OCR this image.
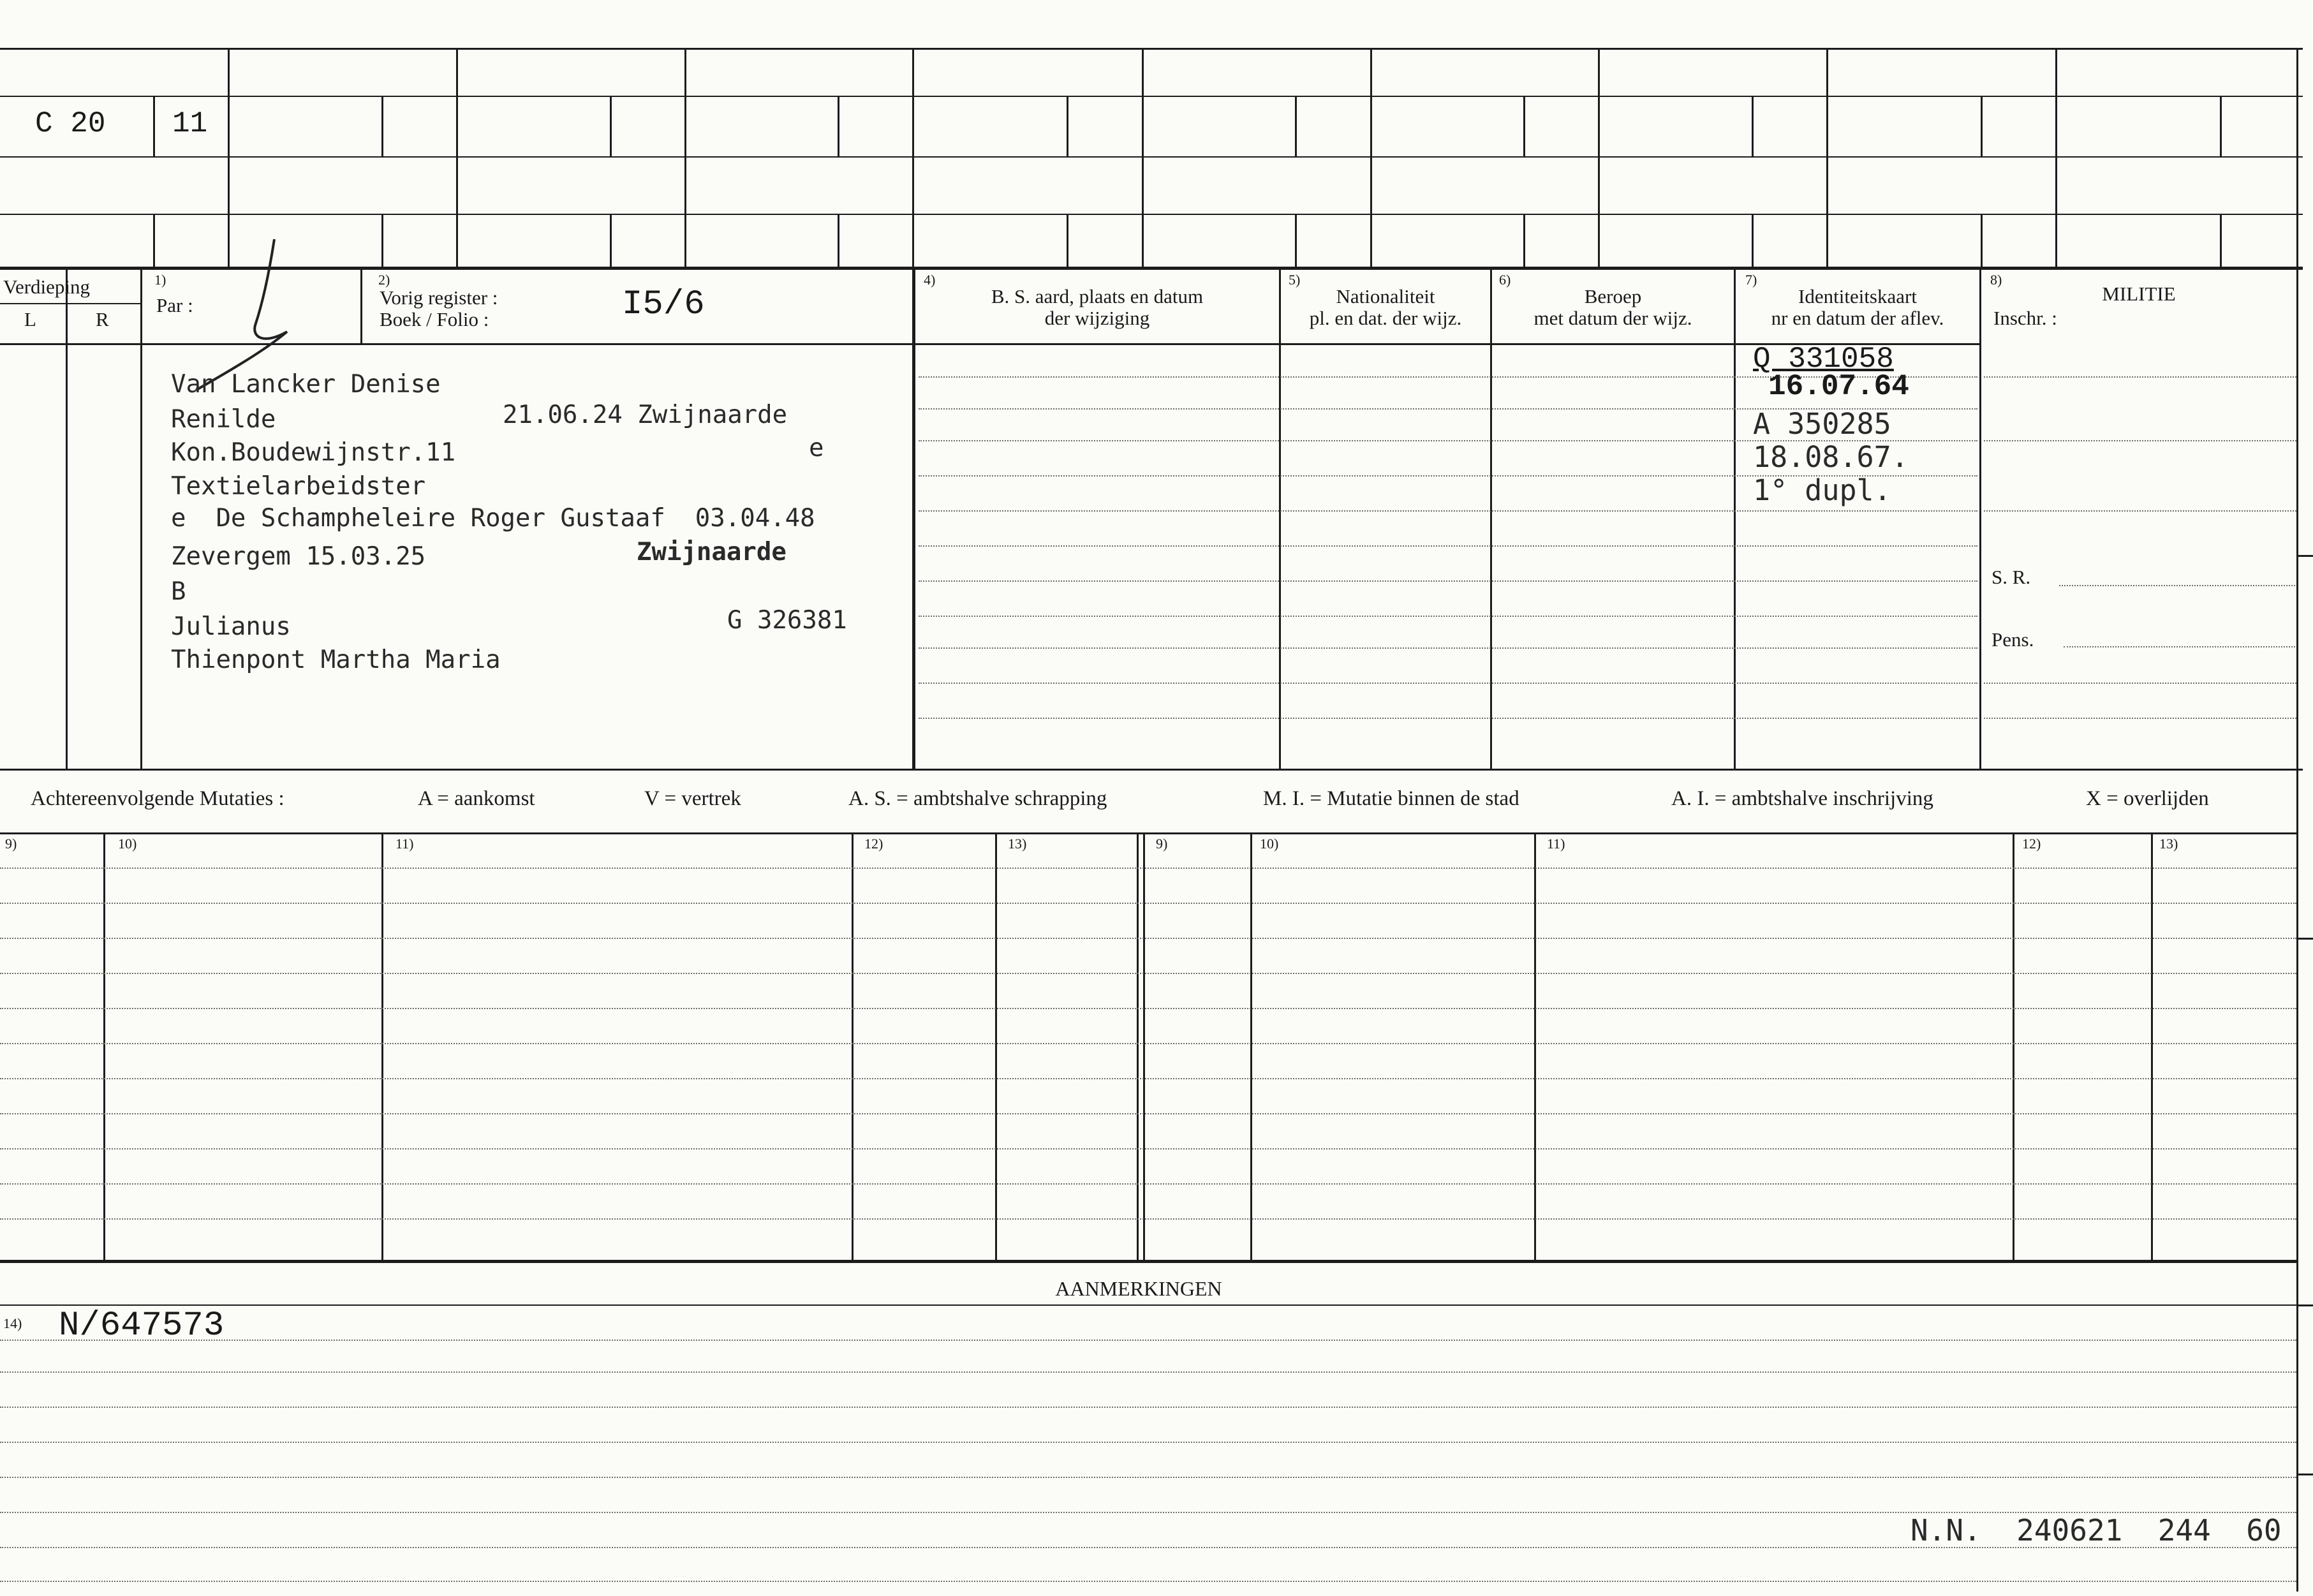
C 20 11
Verdieping
L	R
1)
Par :
2)
Vorig register :
Boek / Folio :	I5/6
4)
B. S. aard, plaats en datum
der wijziging
5)
Nationaliteit
pl. en dat. der wijz.
6)
Beroep
met datum der wijz.
7)
Identiteitskaart
nr en datum der aflev.
8)
MILITIE
Inschr. :
S. R.
Pens.
Van Lancker Denise
Renilde	21.06.24 Zwijnaarde
Kon.Boudewijnstr.11	e
Textielarbeidster
e  De Schampheleire Roger Gustaaf  03.04.48
Zevergem 15.03.25	Zwijnaarde
B
Julianus	G 326381
Thienpont Martha Maria
Q 331058
16.07.64
A 350285
18.08.67.
1° dupl.
Achtereenvolgende Mutaties :	A = aankomst	V = vertrek	A. S. = ambtshalve schrapping	M. I. = Mutatie binnen de stad	A. I. = ambtshalve inschrijving	X = overlijden
9)	10)	11)	12)	13)	9)	10)	11)	12)	13)
AANMERKINGEN
14) N/647573
N.N.  240621  244  60
